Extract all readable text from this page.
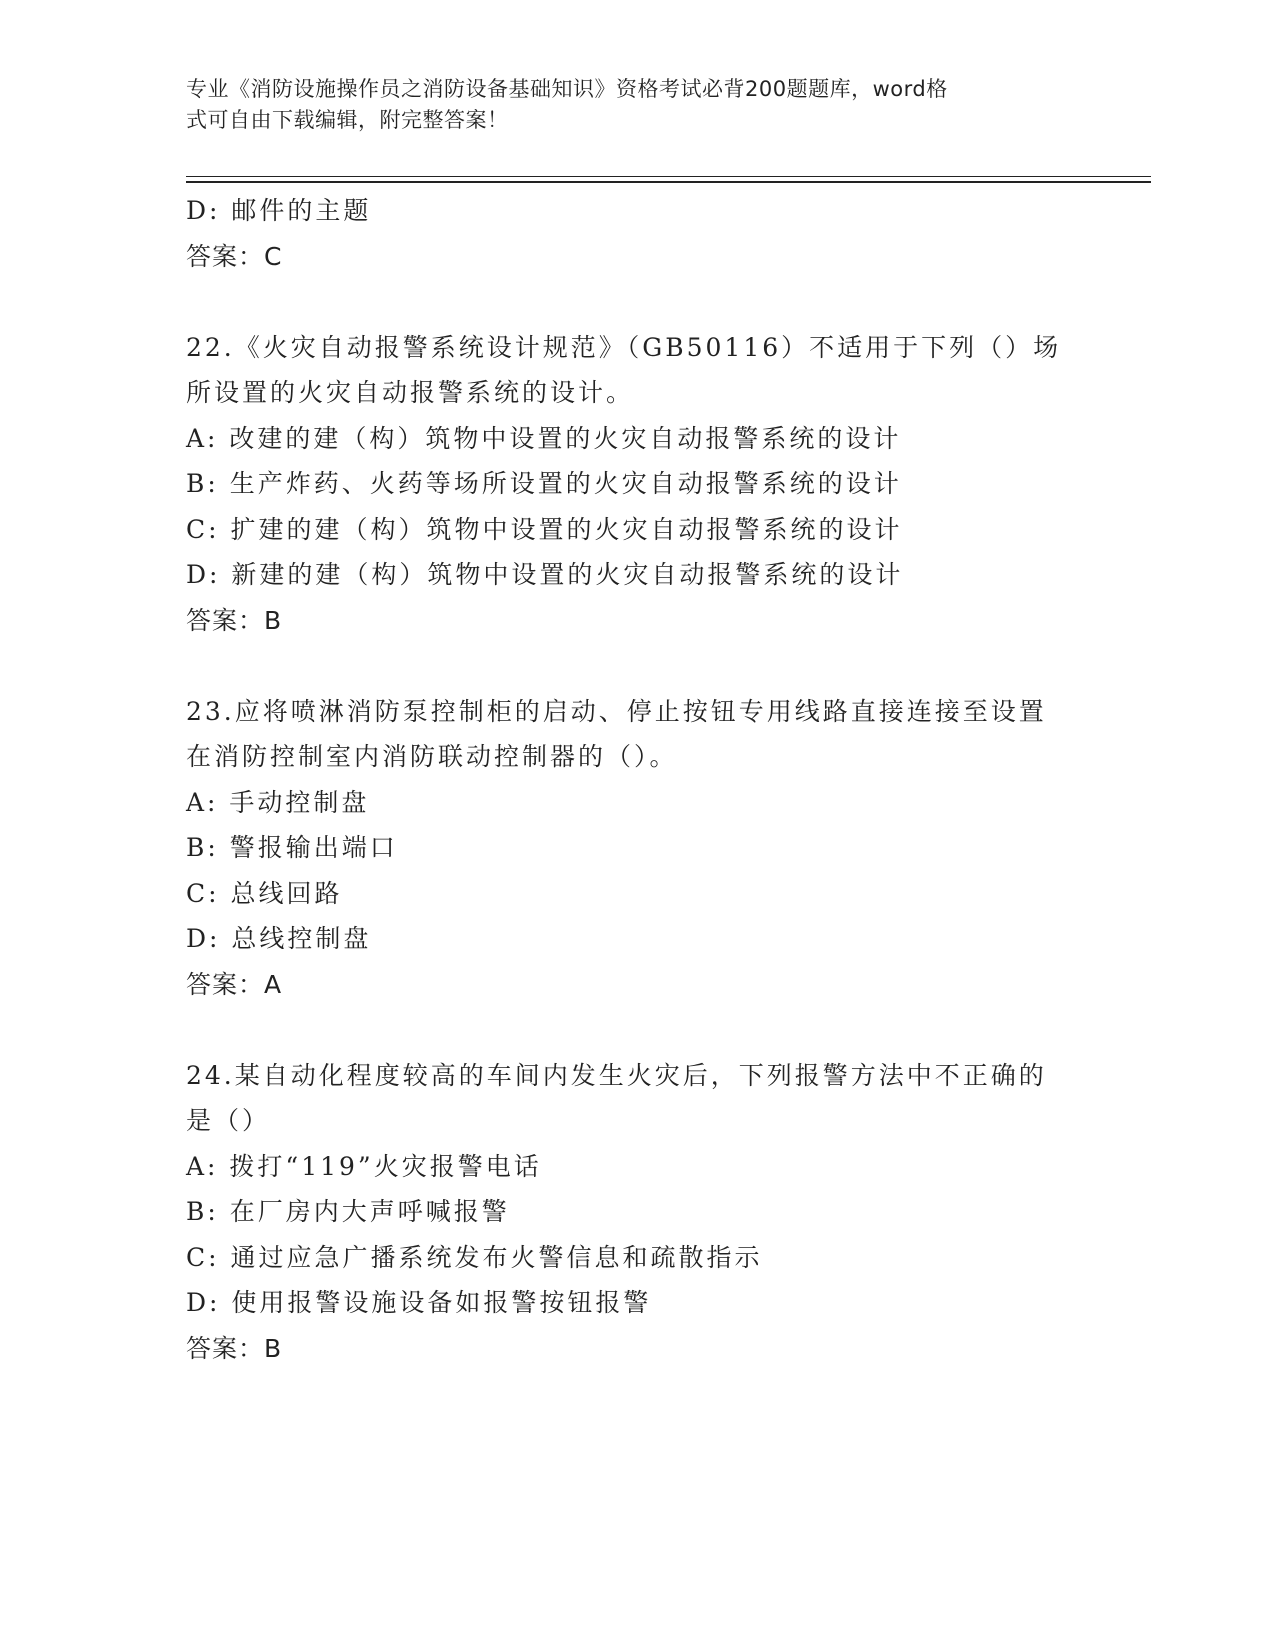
专业《消防设施操作员之消防设备基础知识》资格考试必背200题题库，word格
式可自由下载编辑，附完整答案！
D: 邮件的主题
答案：C
22.《火灾自动报警系统设计规范》（GB50116）不适用于下列（）场
所设置的火灾自动报警系统的设计。
A: 改建的建（构）筑物中设置的火灾自动报警系统的设计
B: 生产炸药、火药等场所设置的火灾自动报警系统的设计
C: 扩建的建（构）筑物中设置的火灾自动报警系统的设计
D: 新建的建（构）筑物中设置的火灾自动报警系统的设计
答案：B
23.应将喷淋消防泵控制柜的启动、停止按钮专用线路直接连接至设置
在消防控制室内消防联动控制器的（）。
A: 手动控制盘
B: 警报输出端口
C: 总线回路
D: 总线控制盘
答案：A
24.某自动化程度较高的车间内发生火灾后，下列报警方法中不正确的
是（）
A: 拨打“119”火灾报警电话
B: 在厂房内大声呼喊报警
C: 通过应急广播系统发布火警信息和疏散指示
D: 使用报警设施设备如报警按钮报警
答案：B
